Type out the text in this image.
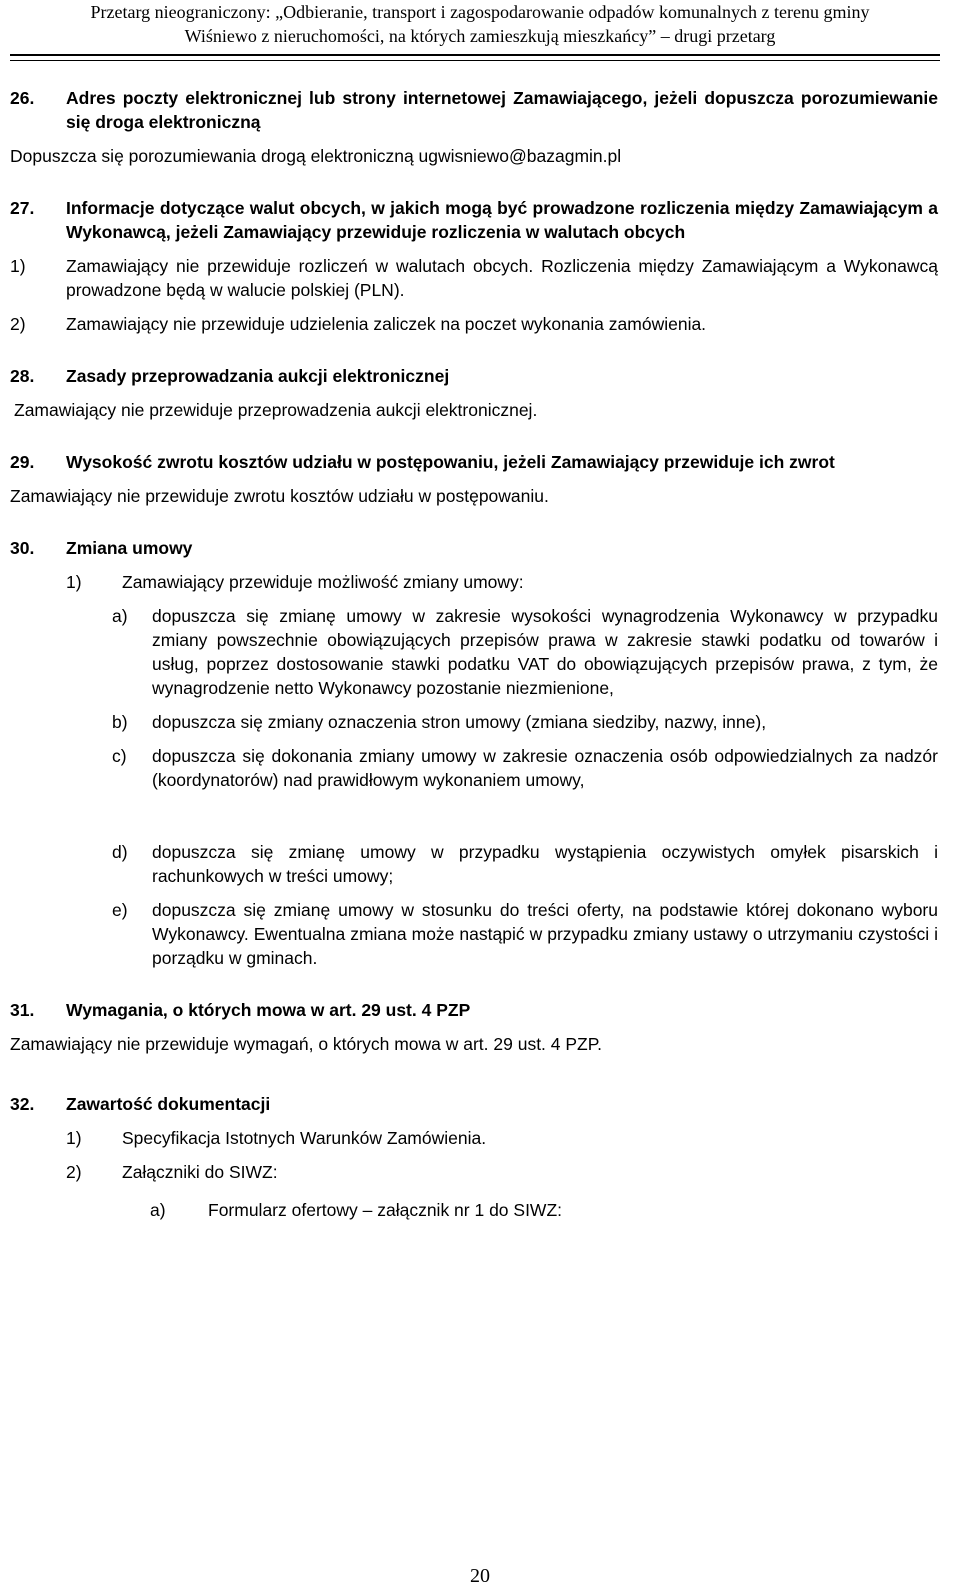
Przetarg nieograniczony: „Odbieranie, transport i zagospodarowanie odpadów komunalnych z terenu gminy
Wiśniewo z nieruchomości, na których zamieszkują mieszkańcy” – drugi przetarg
26.	Adres poczty elektronicznej lub strony internetowej Zamawiającego, jeżeli dopuszcza porozumiewanie się droga elektroniczną
Dopuszcza się porozumiewania drogą elektroniczną ugwisniewo@bazagmin.pl
27.	Informacje dotyczące walut obcych, w jakich mogą być prowadzone rozliczenia między Zamawiającym a Wykonawcą, jeżeli Zamawiający przewiduje rozliczenia w walutach obcych
1)	Zamawiający nie przewiduje rozliczeń w walutach obcych. Rozliczenia między Zamawiającym a Wykonawcą prowadzone będą w walucie polskiej (PLN).
2)	Zamawiający nie przewiduje udzielenia zaliczek na poczet wykonania zamówienia.
28.	Zasady przeprowadzania aukcji elektronicznej
Zamawiający nie przewiduje przeprowadzenia aukcji elektronicznej.
29.	Wysokość zwrotu kosztów udziału w postępowaniu, jeżeli Zamawiający przewiduje ich zwrot
Zamawiający nie przewiduje zwrotu kosztów udziału w postępowaniu.
30.	Zmiana umowy
1)	Zamawiający przewiduje możliwość zmiany umowy:
a)	dopuszcza się zmianę umowy w zakresie wysokości wynagrodzenia Wykonawcy w przypadku zmiany powszechnie obowiązujących przepisów prawa w zakresie stawki podatku od towarów i usług, poprzez dostosowanie stawki podatku VAT do obowiązujących przepisów prawa, z tym, że wynagrodzenie netto Wykonawcy pozostanie niezmienione,
b)	dopuszcza się zmiany oznaczenia stron umowy (zmiana siedziby, nazwy, inne),
c)	dopuszcza się dokonania zmiany umowy w zakresie oznaczenia osób odpowiedzialnych za nadzór (koordynatorów) nad prawidłowym wykonaniem umowy,
d)	dopuszcza się zmianę umowy w przypadku wystąpienia oczywistych omyłek pisarskich i rachunkowych w treści umowy;
e)	dopuszcza się zmianę umowy w stosunku do treści oferty, na podstawie której dokonano wyboru Wykonawcy. Ewentualna zmiana może nastąpić w przypadku zmiany ustawy o utrzymaniu czystości i porządku w gminach.
31.	Wymagania, o których mowa w art. 29 ust. 4 PZP
Zamawiający nie przewiduje wymagań, o których mowa w art. 29 ust. 4 PZP.
32.	Zawartość dokumentacji
1)	Specyfikacja Istotnych Warunków Zamówienia.
2)	Załączniki do SIWZ:
a)	Formularz ofertowy – załącznik nr 1 do SIWZ:
20
